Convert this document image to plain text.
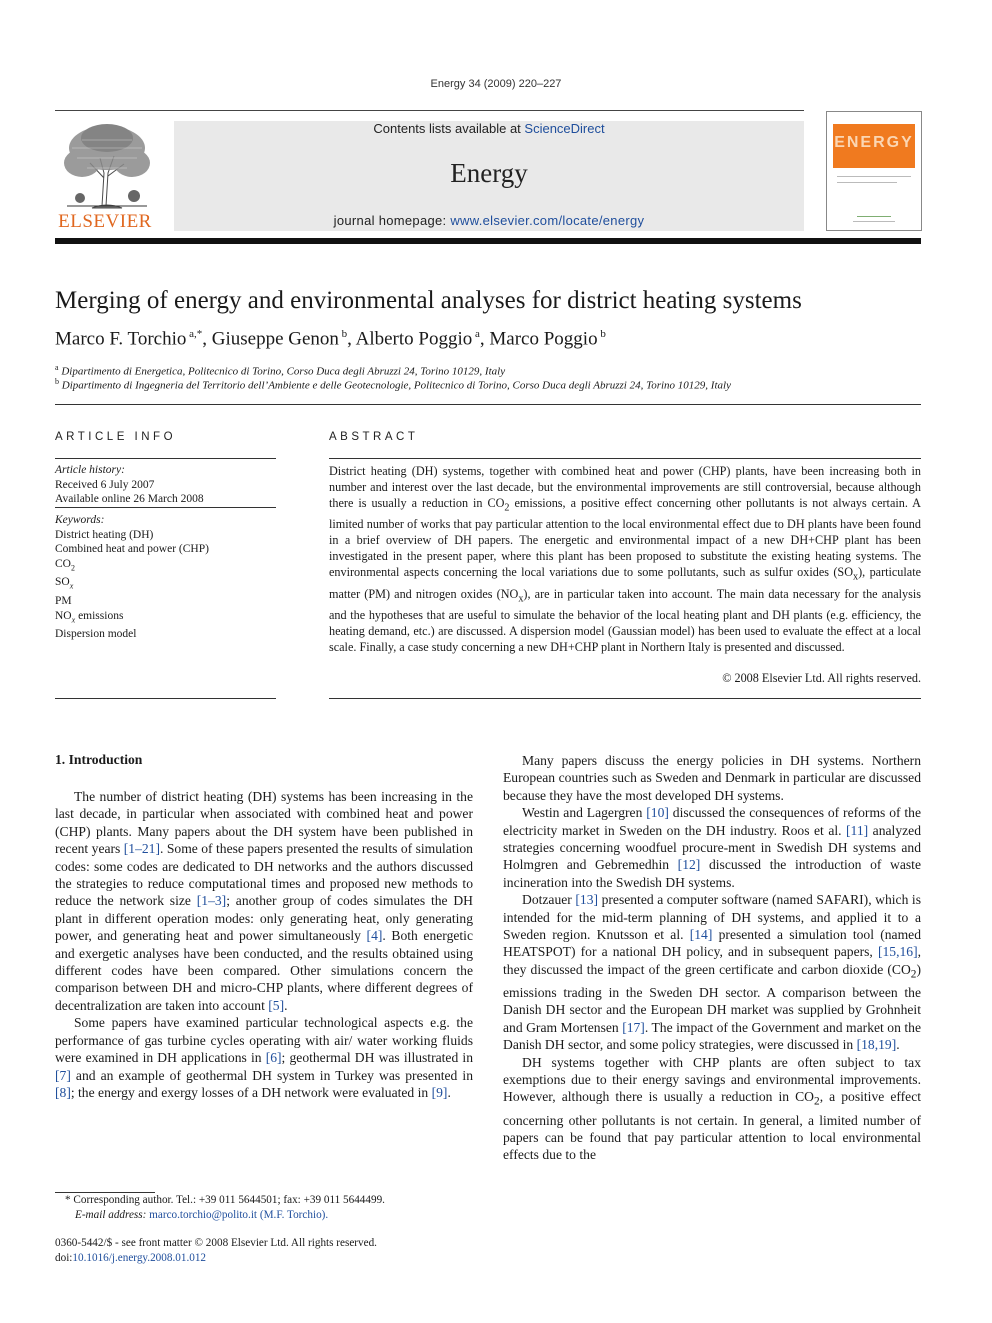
Energy 34 (2009) 220–227
ELSEVIER
Contents lists available at ScienceDirect
Energy
journal homepage: www.elsevier.com/locate/energy
ENERGY
Merging of energy and environmental analyses for district heating systems
Marco F. Torchio $^{a,*}$, Giuseppe Genon $^b$, Alberto Poggio $^a$, Marco Poggio $^b$
$^a$ Dipartimento di Energetica, Politecnico di Torino, Corso Duca degli Abruzzi 24, Torino 10129, Italy
$^b$ Dipartimento di Ingegneria del Territorio dell’Ambiente e delle Geotecnologie, Politecnico di Torino, Corso Duca degli Abruzzi 24, Torino 10129, Italy
ARTICLE INFO
Article history:
Received 6 July 2007
Available online 26 March 2008
Keywords:
District heating (DH)
Combined heat and power (CHP)
$CO_2$
$SO_x$
PM
$NO_x$ emissions
Dispersion model
ABSTRACT
District heating (DH) systems, together with combined heat and power (CHP) plants, have been increasing both in number and interest over the last decade, but the environmental improvements are still controversial, because although there is usually a reduction in $CO_2$ emissions, a positive effect concerning other pollutants is not always certain. A limited number of works that pay particular attention to the local environmental effect due to DH plants have been found in a brief overview of DH papers. The energetic and environmental impact of a new DH+CHP plant has been investigated in the present paper, where this plant has been proposed to substitute the existing heating systems. The environmental aspects concerning the local variations due to some pollutants, such as sulfur oxides $(SO_x)$, particulate matter (PM) and nitrogen oxides $(NO_x)$, are in particular taken into account. The main data necessary for the analysis and the hypotheses that are useful to simulate the behavior of the local heating plant and DH plants (e.g. efficiency, the heating demand, etc.) are discussed. A dispersion model (Gaussian model) has been used to evaluate the effect at a local scale. Finally, a case study concerning a new DH+CHP plant in Northern Italy is presented and discussed.
© 2008 Elsevier Ltd. All rights reserved.
1. Introduction

The number of district heating (DH) systems has been increasing in the last decade, in particular when associated with combined heat and power (CHP) plants. Many papers about the DH system have been published in recent years [1–21]. Some of these papers presented the results of simulation codes: some codes are dedicated to DH networks and the authors discussed the strategies to reduce computational times and proposed new methods to reduce the network size [1–3]; another group of codes simulates the DH plant in different operation modes: only generating heat, only generating power, and generating heat and power simultaneously [4]. Both energetic and exergetic analyses have been conducted, and the results obtained using different codes have been compared. Other simulations concern the comparison between DH and micro-CHP plants, where different degrees of decentralization are taken into account [5].

Some papers have examined particular technological aspects e.g. the performance of gas turbine cycles operating with air/ water working fluids were examined in DH applications in [6]; geothermal DH was illustrated in [7] and an example of geothermal DH system in Turkey was presented in [8]; the energy and exergy losses of a DH network were evaluated in [9].

Many papers discuss the energy policies in DH systems. Northern European countries such as Sweden and Denmark in particular are discussed because they have the most developed DH systems.

Westin and Lagergren [10] discussed the consequences of reforms of the electricity market in Sweden on the DH industry. Roos et al. [11] analyzed strategies concerning woodfuel procure-ment in Swedish DH systems and Holmgren and Gebremedhin [12] discussed the introduction of waste incineration into the Swedish DH systems.

Dotzauer [13] presented a computer software (named SAFARI), which is intended for the mid-term planning of DH systems, and applied it to a Sweden region. Knutsson et al. [14] presented a simulation tool (named HEATSPOT) for a national DH policy, and in subsequent papers, [15,16], they discussed the impact of the green certificate and carbon dioxide $(CO_2)$ emissions trading in the Sweden DH sector. A comparison between the Danish DH sector and the European DH market was supplied by Grohnheit and Gram Mortensen [17]. The impact of the Government and market on the Danish DH sector, and some policy strategies, were discussed in [18,19].

DH systems together with CHP plants are often subject to tax exemptions due to their energy savings and environmental improvements. However, although there is usually a reduction in $CO_2$, a positive effect concerning other pollutants is not certain. In general, a limited number of papers can be found that pay particular attention to local environmental effects due to the

* Corresponding author. Tel.: +39 011 5644501; fax: +39 011 5644499.
E-mail address: marco.torchio@polito.it (M.F. Torchio).
0360-5442/$ - see front matter © 2008 Elsevier Ltd. All rights reserved.
doi:10.1016/j.energy.2008.01.012
